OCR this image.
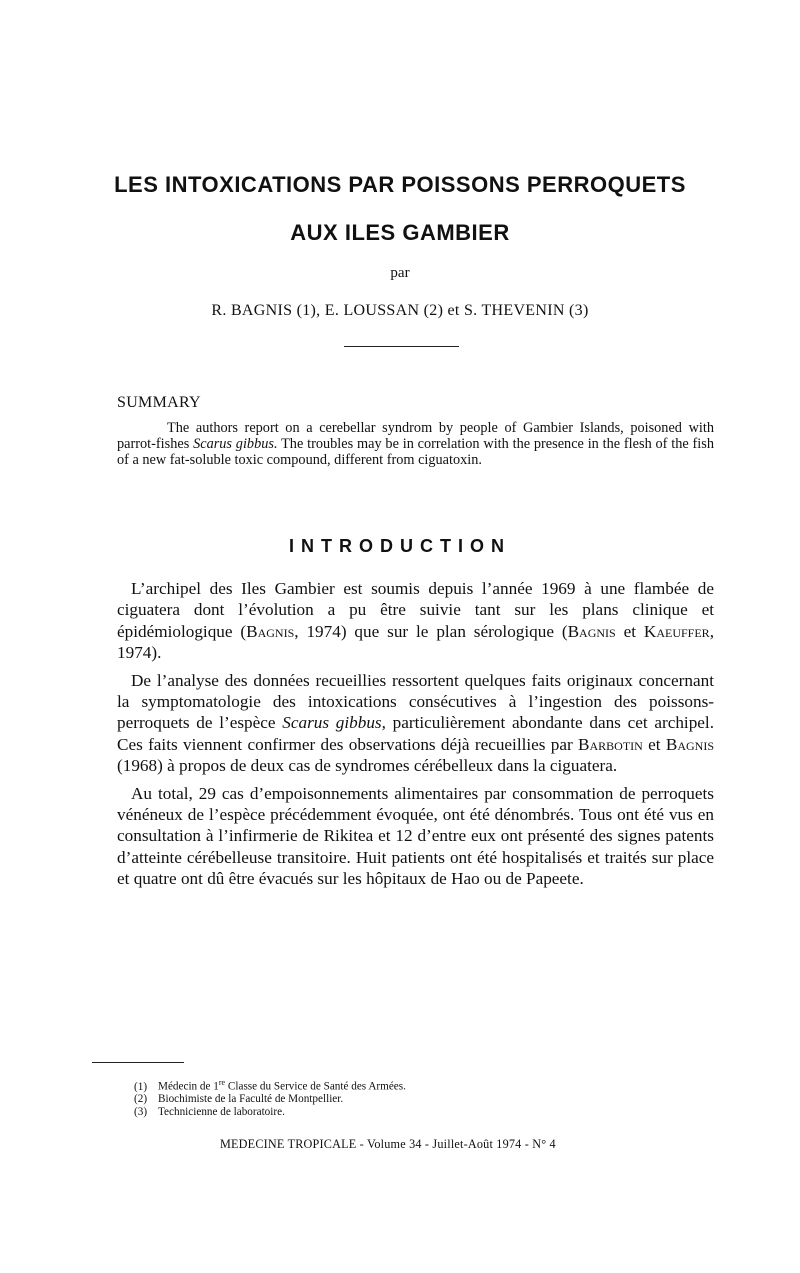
LES INTOXICATIONS PAR POISSONS PERROQUETS
AUX ILES GAMBIER
par
R. BAGNIS (1), E. LOUSSAN (2) et S. THEVENIN (3)
SUMMARY

The authors report on a cerebellar syndrom by people of Gambier Islands, poisoned with parrot-fishes Scarus gibbus. The troubles may be in correlation with the presence in the flesh of the fish of a new fat-soluble toxic compound, different from ciguatoxin.

INTRODUCTION

L’archipel des Iles Gambier est soumis depuis l’année 1969 à une flambée de ciguatera dont l’évolution a pu être suivie tant sur les plans clinique et épidémiologique (Bagnis, 1974) que sur le plan sérologique (Bagnis et Kaeuffer, 1974).

De l’analyse des données recueillies ressortent quelques faits originaux concernant la symptomatologie des intoxications consécutives à l’ingestion des poissons-perroquets de l’espèce Scarus gibbus, particulièrement abondante dans cet archipel. Ces faits viennent confirmer des observations déjà recueillies par Barbotin et Bagnis (1968) à propos de deux cas de syndromes cérébelleux dans la ciguatera.

Au total, 29 cas d’empoisonnements alimentaires par consommation de perroquets vénéneux de l’espèce précédemment évoquée, ont été dénombrés. Tous ont été vus en consultation à l’infirmerie de Rikitea et 12 d’entre eux ont présenté des signes patents d’atteinte cérébelleuse transitoire. Huit patients ont été hospitalisés et traités sur place et quatre ont dû être évacués sur les hôpitaux de Hao ou de Papeete.

(1) Médecin de 1re Classe du Service de Santé des Armées.
(2) Biochimiste de la Faculté de Montpellier.
(3) Technicienne de laboratoire.
MEDECINE TROPICALE - Volume 34 - Juillet-Août 1974 - N° 4
